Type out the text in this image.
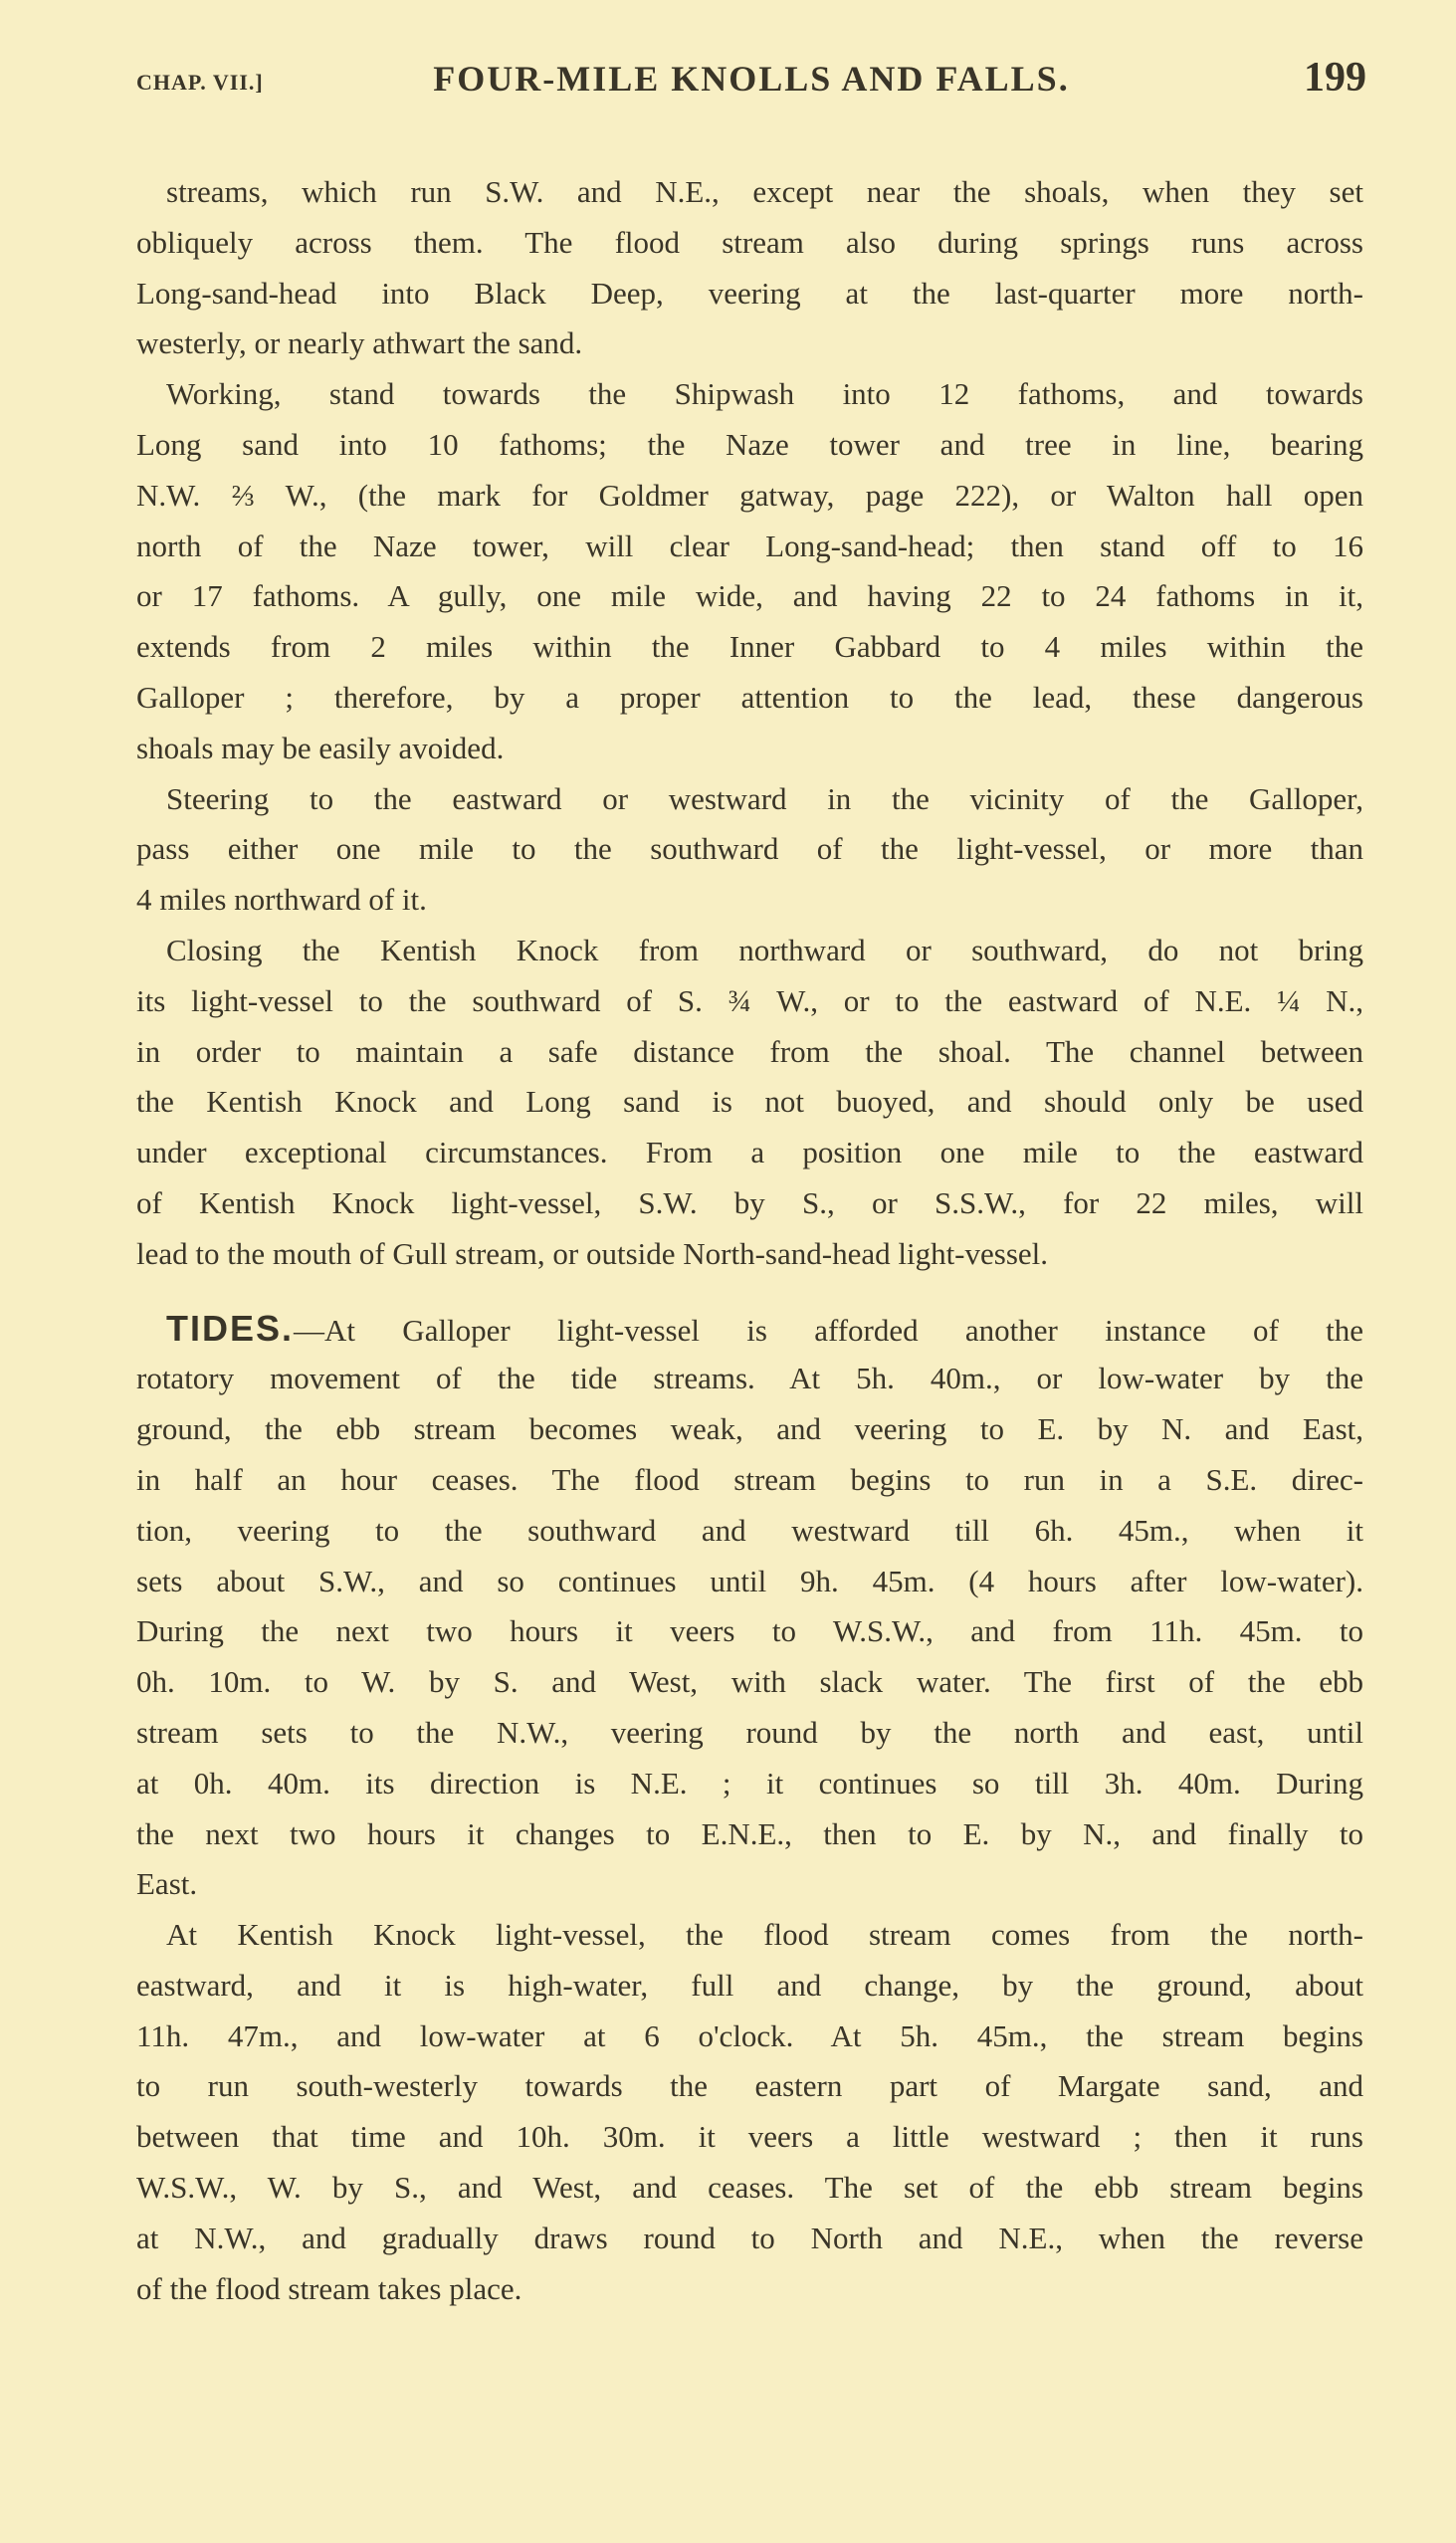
CHAP. VII.]	FOUR-MILE KNOLLS AND FALLS.	199
streams, which run S.W. and N.E., except near the shoals, when they set
obliquely across them. The flood stream also during springs runs across
Long-sand-head into Black Deep, veering at the last-quarter more north-
westerly, or nearly athwart the sand.
Working, stand towards the Shipwash into 12 fathoms, and towards
Long sand into 10 fathoms; the Naze tower and tree in line, bearing
N.W. ⅔ W., (the mark for Goldmer gatway, page 222), or Walton hall open
north of the Naze tower, will clear Long-sand-head; then stand off to 16
or 17 fathoms. A gully, one mile wide, and having 22 to 24 fathoms in it,
extends from 2 miles within the Inner Gabbard to 4 miles within the
Galloper ; therefore, by a proper attention to the lead, these dangerous
shoals may be easily avoided.
Steering to the eastward or westward in the vicinity of the Galloper,
pass either one mile to the southward of the light-vessel, or more than
4 miles northward of it.
Closing the Kentish Knock from northward or southward, do not bring
its light-vessel to the southward of S. ¾ W., or to the eastward of N.E. ¼ N.,
in order to maintain a safe distance from the shoal. The channel between
the Kentish Knock and Long sand is not buoyed, and should only be used
under exceptional circumstances. From a position one mile to the eastward
of Kentish Knock light-vessel, S.W. by S., or S.S.W., for 22 miles, will
lead to the mouth of Gull stream, or outside North-sand-head light-vessel.
TIDES.—At Galloper light-vessel is afforded another instance of the
rotatory movement of the tide streams. At 5h. 40m., or low-water by the
ground, the ebb stream becomes weak, and veering to E. by N. and East,
in half an hour ceases. The flood stream begins to run in a S.E. direc-
tion, veering to the southward and westward till 6h. 45m., when it
sets about S.W., and so continues until 9h. 45m. (4 hours after low-water).
During the next two hours it veers to W.S.W., and from 11h. 45m. to
0h. 10m. to W. by S. and West, with slack water. The first of the ebb
stream sets to the N.W., veering round by the north and east, until
at 0h. 40m. its direction is N.E. ; it continues so till 3h. 40m. During
the next two hours it changes to E.N.E., then to E. by N., and finally to
East.
At Kentish Knock light-vessel, the flood stream comes from the north-
eastward, and it is high-water, full and change, by the ground, about
11h. 47m., and low-water at 6 o'clock. At 5h. 45m., the stream begins
to run south-westerly towards the eastern part of Margate sand, and
between that time and 10h. 30m. it veers a little westward ; then it runs
W.S.W., W. by S., and West, and ceases. The set of the ebb stream begins
at N.W., and gradually draws round to North and N.E., when the reverse
of the flood stream takes place.
